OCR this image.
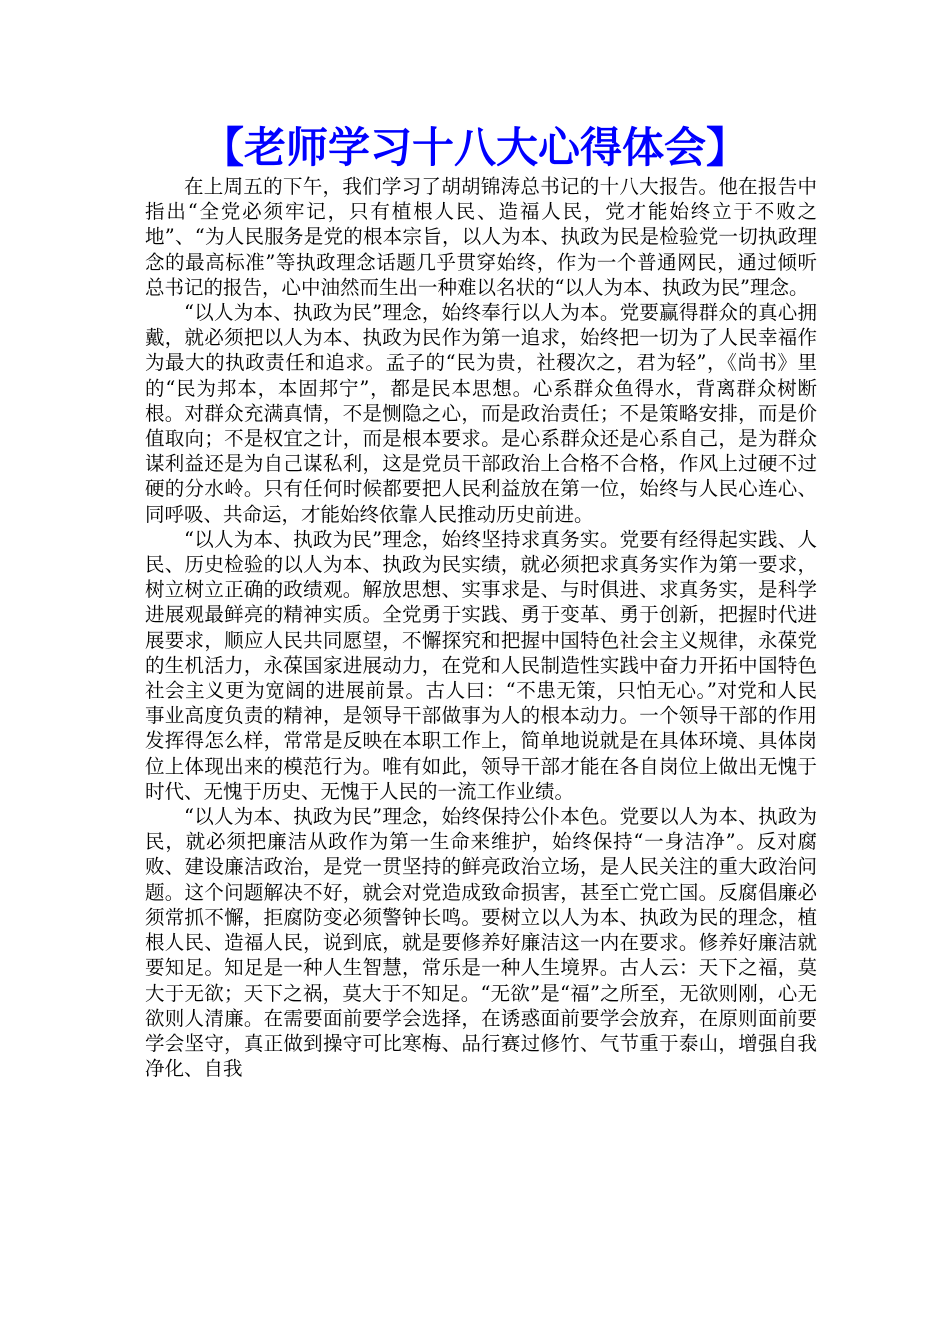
【老师学习十八大心得体会】

在上周五的下午，我们学习了胡胡锦涛总书记的十八大报告。他在报告中指出“全党必须牢记，只有植根人民、造福人民，党才能始终立于不败之地”、“为人民服务是党的根本宗旨，以人为本、执政为民是检验党一切执政理念的最高标准”等执政理念话题几乎贯穿始终，作为一个普通网民，通过倾听总书记的报告，心中油然而生出一种难以名状的“以人为本、执政为民”理念。

“以人为本、执政为民”理念，始终奉行以人为本。党要赢得群众的真心拥戴，就必须把以人为本、执政为民作为第一追求，始终把一切为了人民幸福作为最大的执政责任和追求。孟子的“民为贵，社稷次之，君为轻”，《尚书》里的“民为邦本，本固邦宁”，都是民本思想。心系群众鱼得水，背离群众树断根。对群众充满真情，不是恻隐之心，而是政治责任；不是策略安排，而是价值取向；不是权宜之计，而是根本要求。是心系群众还是心系自己，是为群众谋利益还是为自己谋私利，这是党员干部政治上合格不合格，作风上过硬不过硬的分水岭。只有任何时候都要把人民利益放在第一位，始终与人民心连心、同呼吸、共命运，才能始终依靠人民推动历史前进。

“以人为本、执政为民”理念，始终坚持求真务实。党要有经得起实践、人民、历史检验的以人为本、执政为民实绩，就必须把求真务实作为第一要求，树立树立正确的政绩观。解放思想、实事求是、与时俱进、求真务实，是科学进展观最鲜亮的精神实质。全党勇于实践、勇于变革、勇于创新，把握时代进展要求，顺应人民共同愿望，不懈探究和把握中国特色社会主义规律，永葆党的生机活力，永葆国家进展动力，在党和人民制造性实践中奋力开拓中国特色社会主义更为宽阔的进展前景。古人曰：“不患无策，只怕无心。”对党和人民事业高度负责的精神，是领导干部做事为人的根本动力。一个领导干部的作用发挥得怎么样，常常是反映在本职工作上，简单地说就是在具体环境、具体岗位上体现出来的模范行为。唯有如此，领导干部才能在各自岗位上做出无愧于时代、无愧于历史、无愧于人民的一流工作业绩。

“以人为本、执政为民”理念，始终保持公仆本色。党要以人为本、执政为民，就必须把廉洁从政作为第一生命来维护，始终保持“一身洁净”。反对腐败、建设廉洁政治，是党一贯坚持的鲜亮政治立场，是人民关注的重大政治问题。这个问题解决不好，就会对党造成致命损害，甚至亡党亡国。反腐倡廉必须常抓不懈，拒腐防变必须警钟长鸣。要树立以人为本、执政为民的理念，植根人民、造福人民，说到底，就是要修养好廉洁这一内在要求。修养好廉洁就要知足。知足是一种人生智慧，常乐是一种人生境界。古人云：天下之福，莫大于无欲；天下之祸，莫大于不知足。“无欲”是“福”之所至，无欲则刚，心无欲则人清廉。在需要面前要学会选择，在诱惑面前要学会放弃，在原则面前要学会坚守，真正做到操守可比寒梅、品行赛过修竹、气节重于泰山，增强自我净化、自我
